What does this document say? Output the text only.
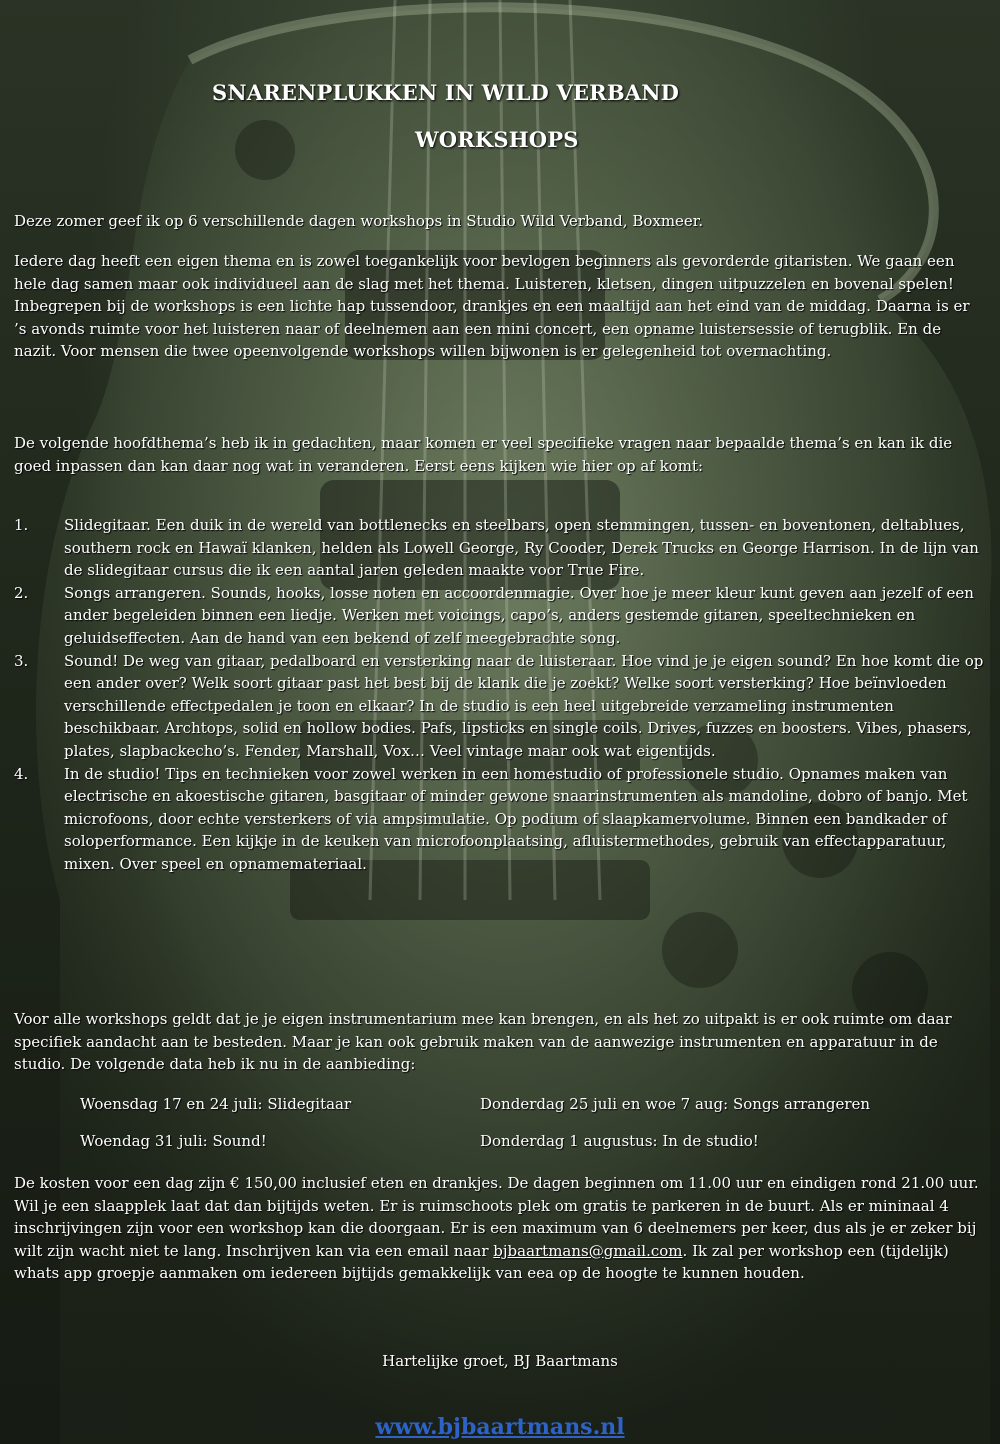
SNARENPLUKKEN IN WILD VERBAND
WORKSHOPS

Deze zomer geef ik op 6 verschillende dagen workshops in Studio Wild Verband, Boxmeer.

Iedere dag heeft een eigen thema en is zowel toegankelijk voor bevlogen beginners als gevorderde gitaristen. We gaan een hele dag samen maar ook individueel aan de slag met het thema. Luisteren, kletsen, dingen uitpuzzelen en bovenal spelen!
Inbegrepen bij de workshops is een lichte hap tussendoor, drankjes en een maaltijd aan het eind van de middag. Daarna is er ’s avonds ruimte voor het luisteren naar of deelnemen aan een mini concert, een opname luistersessie of terugblik. En de nazit. Voor mensen die twee opeenvolgende workshops willen bijwonen is er gelegenheid tot overnachting.

De volgende hoofdthema’s heb ik in gedachten, maar komen er veel specifieke vragen naar bepaalde thema’s en kan ik die goed inpassen dan kan daar nog wat in veranderen. Eerst eens kijken wie hier op af komt:

1.	Slidegitaar. Een duik in de wereld van bottlenecks en steelbars, open stemmingen, tussen- en boventonen, deltablues, southern rock en Hawaï klanken, helden als Lowell George, Ry Cooder, Derek Trucks en George Harrison. In de lijn van de slidegitaar cursus die ik een aantal jaren geleden maakte voor True Fire.
2.	Songs arrangeren. Sounds, hooks, losse noten en accoordenmagie. Over hoe je meer kleur kunt geven aan jezelf of een ander begeleiden binnen een liedje. Werken met voicings, capo’s, anders gestemde gitaren, speeltechnieken en geluidseffecten. Aan de hand van een bekend of zelf meegebrachte song.
3.	Sound! De weg van gitaar, pedalboard en versterking naar de luisteraar. Hoe vind je je eigen sound? En hoe komt die op een ander over? Welk soort gitaar past het best bij de klank die je zoekt? Welke soort versterking? Hoe beïnvloeden verschillende effectpedalen je toon en elkaar? In de studio is een heel uitgebreide verzameling instrumenten beschikbaar. Archtops, solid en hollow bodies. Pafs, lipsticks en single coils. Drives, fuzzes en boosters. Vibes, phasers, plates, slapbackecho’s. Fender, Marshall, Vox… Veel vintage maar ook wat eigentijds.
4.	In de studio! Tips en technieken voor zowel werken in een homestudio of professionele studio. Opnames maken van electrische en akoestische gitaren, basgitaar of minder gewone snaarinstrumenten als mandoline, dobro of banjo. Met microfoons, door echte versterkers of via ampsimulatie. Op podium of slaapkamervolume. Binnen een bandkader of soloperformance. Een kijkje in de keuken van microfoonplaatsing, afluistermethodes, gebruik van effectapparatuur, mixen. Over speel en opnamemateriaal.

Voor alle workshops geldt dat je je eigen instrumentarium mee kan brengen, en als het zo uitpakt is er ook ruimte om daar specifiek aandacht aan te besteden. Maar je kan ook gebruik maken van de aanwezige instrumenten en apparatuur in de studio. De volgende data heb ik nu in de aanbieding:

Woensdag 17 en 24 juli: Slidegitaar	Donderdag 25 juli en woe 7 aug: Songs arrangeren
Woendag 31 juli: Sound!	Donderdag 1 augustus: In de studio!

De kosten voor een dag zijn € 150,00 inclusief eten en drankjes. De dagen beginnen om 11.00 uur en eindigen rond 21.00 uur. Wil je een slaapplek laat dat dan bijtijds weten. Er is ruimschoots plek om gratis te parkeren in de buurt. Als er mininaal 4 inschrijvingen zijn voor een workshop kan die doorgaan. Er is een maximum van 6 deelnemers per keer, dus als je er zeker bij wilt zijn wacht niet te lang. Inschrijven kan via een email naar bjbaartmans@gmail.com. Ik zal per workshop een (tijdelijk) whats app groepje aanmaken om iedereen bijtijds gemakkelijk van eea op de hoogte te kunnen houden.

Hartelijke groet, BJ Baartmans
www.bjbaartmans.nl
